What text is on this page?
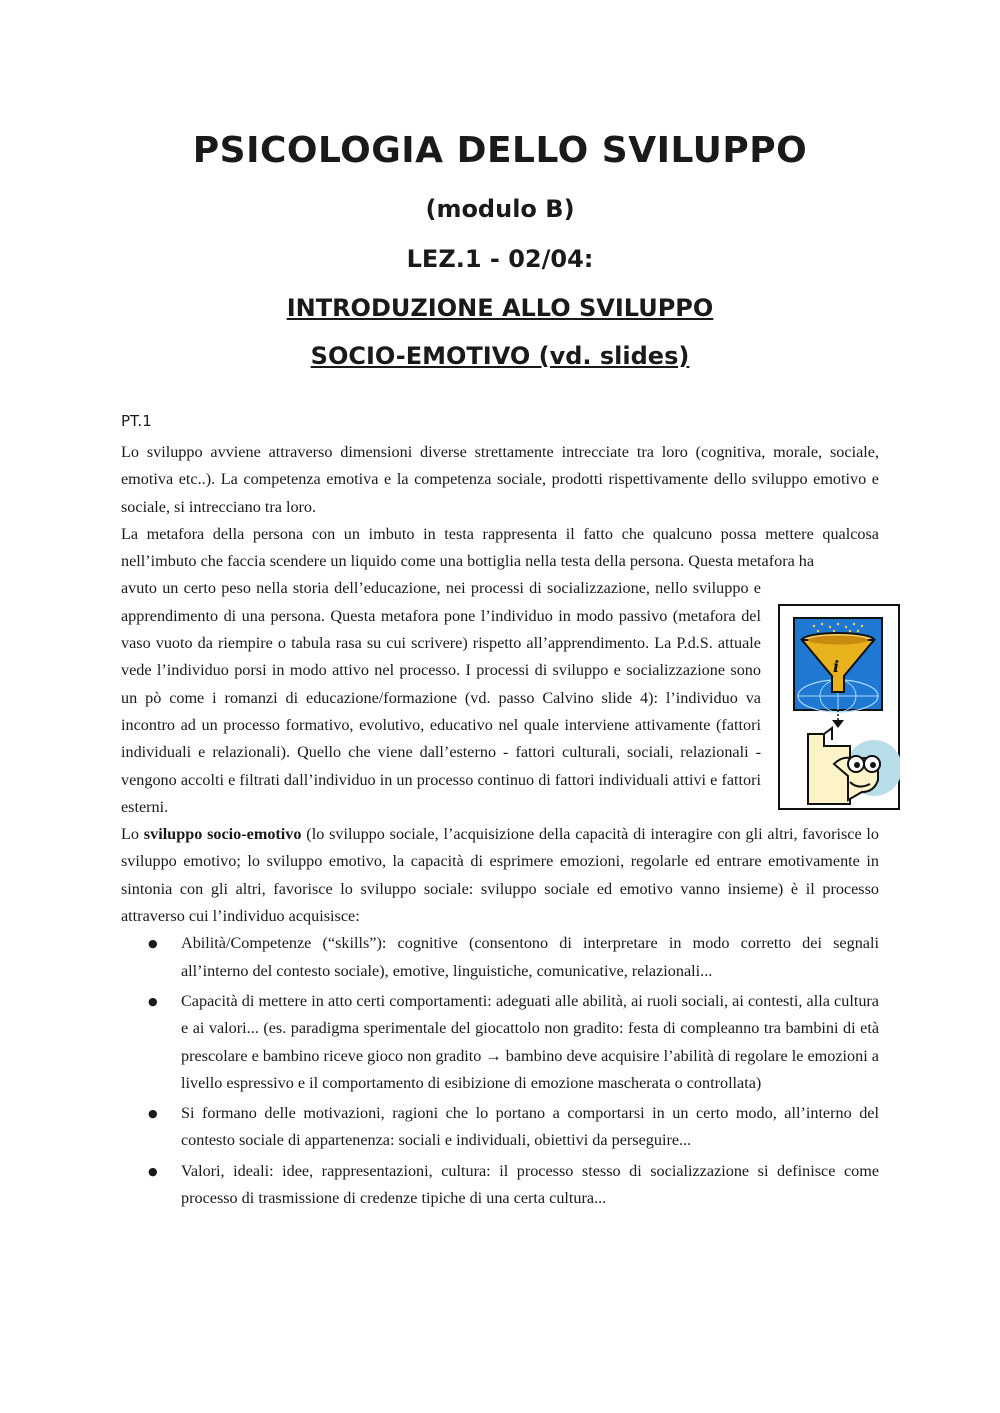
PSICOLOGIA DELLO SVILUPPO
(modulo B)
LEZ.1 - 02/04:
INTRODUZIONE ALLO SVILUPPO
SOCIO-EMOTIVO (vd. slides)
PT.1

Lo sviluppo avviene attraverso dimensioni diverse strettamente intrecciate tra loro (cognitiva, morale, sociale, emotiva etc..). La competenza emotiva e la competenza sociale, prodotti rispettivamente dello sviluppo emotivo e sociale, si intrecciano tra loro.

La metafora della persona con un imbuto in testa rappresenta il fatto che qualcuno possa mettere qualcosa nell’imbuto che faccia scendere un liquido come una bottiglia nella testa della persona. Questa metafora ha

avuto un certo peso nella storia dell’educazione, nei processi di socializzazione, nello sviluppo e apprendimento di una persona. Questa metafora pone l’individuo in modo passivo (metafora del vaso vuoto da riempire o tabula rasa su cui scrivere) rispetto all’apprendimento. La P.d.S. attuale vede l’individuo porsi in modo attivo nel processo. I processi di sviluppo e socializzazione sono un pò come i romanzi di educazione/formazione (vd. passo Calvino slide 4): l’individuo va incontro ad un processo formativo, evolutivo, educativo nel quale interviene attivamente (fattori individuali e relazionali). Quello che viene dall’esterno - fattori culturali, sociali, relazionali - vengono accolti e filtrati dall’individuo in un processo continuo di fattori individuali attivi e fattori esterni.

Lo sviluppo socio-emotivo (lo sviluppo sociale, l’acquisizione della capacità di interagire con gli altri, favorisce lo sviluppo emotivo; lo sviluppo emotivo, la capacità di esprimere emozioni, regolarle ed entrare emotivamente in sintonia con gli altri, favorisce lo sviluppo sociale: sviluppo sociale ed emotivo vanno insieme) è il processo attraverso cui l’individuo acquisisce:

● Abilità/Competenze (“skills”): cognitive (consentono di interpretare in modo corretto dei segnali all’interno del contesto sociale), emotive, linguistiche, comunicative, relazionali...
● Capacità di mettere in atto certi comportamenti: adeguati alle abilità, ai ruoli sociali, ai contesti, alla cultura e ai valori... (es. paradigma sperimentale del giocattolo non gradito: festa di compleanno tra bambini di età prescolare e bambino riceve gioco non gradito → bambino deve acquisire l’abilità di regolare le emozioni a livello espressivo e il comportamento di esibizione di emozione mascherata o controllata)
● Si formano delle motivazioni, ragioni che lo portano a comportarsi in un certo modo, all’interno del contesto sociale di appartenenza: sociali e individuali, obiettivi da perseguire...
● Valori, ideali: idee, rappresentazioni, cultura: il processo stesso di socializzazione si definisce come processo di trasmissione di credenze tipiche di una certa cultura...
i
